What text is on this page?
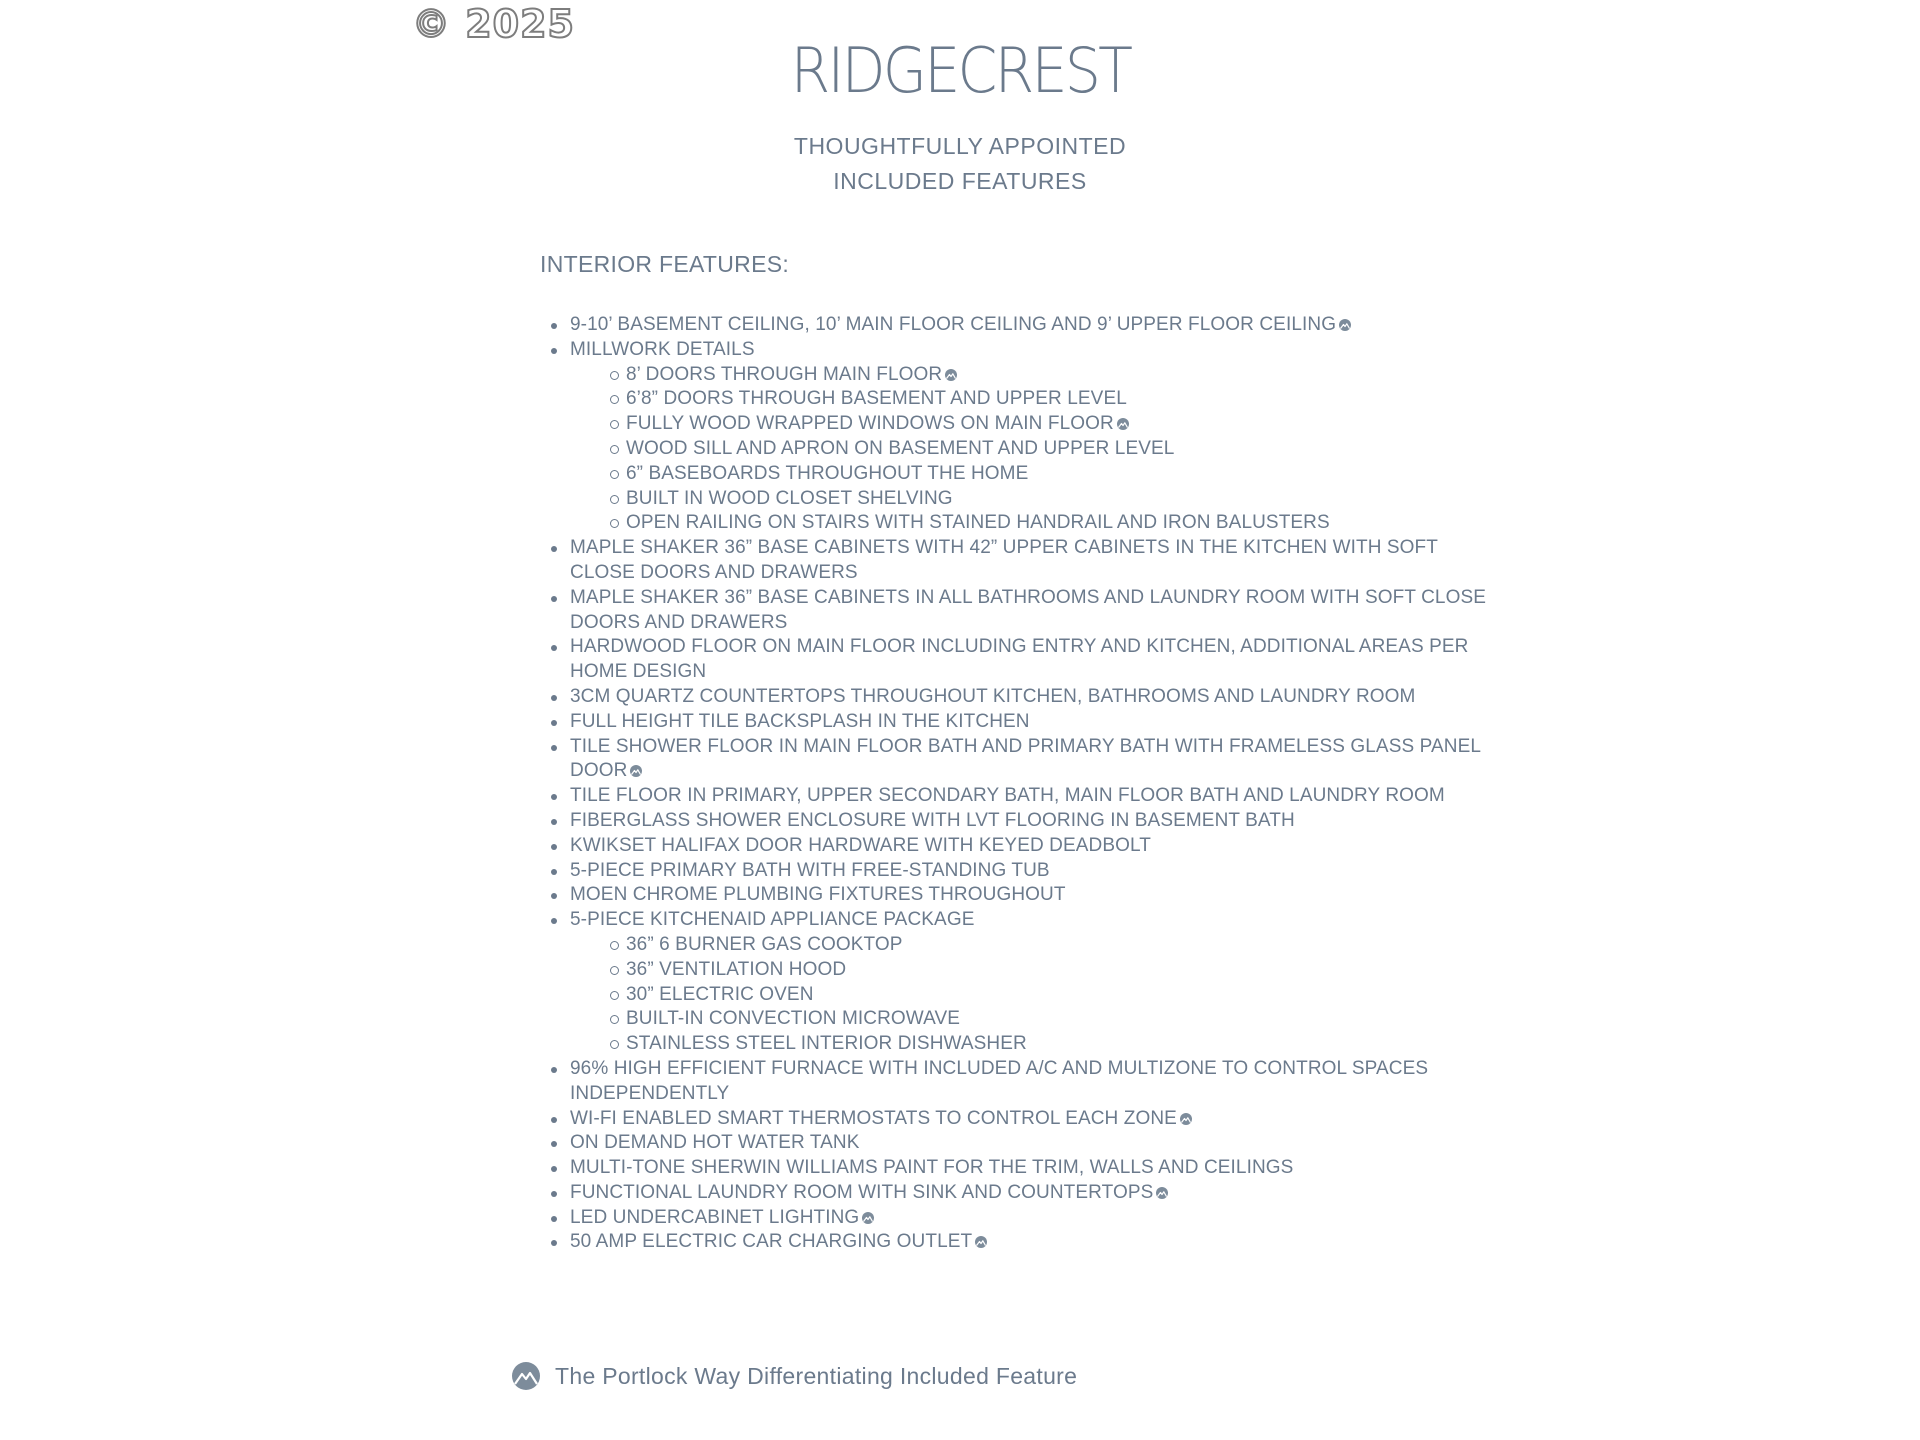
© 2025
RIDGECREST
THOUGHTFULLY APPOINTED
INCLUDED FEATURES
INTERIOR FEATURES:
9-10’ BASEMENT CEILING, 10’ MAIN FLOOR CEILING AND 9’ UPPER FLOOR CEILING
MILLWORK DETAILS
8’ DOORS THROUGH MAIN FLOOR
6’8” DOORS THROUGH BASEMENT AND UPPER LEVEL
FULLY WOOD WRAPPED WINDOWS ON MAIN FLOOR
WOOD SILL AND APRON ON BASEMENT AND UPPER LEVEL
6” BASEBOARDS THROUGHOUT THE HOME
BUILT IN WOOD CLOSET SHELVING
OPEN RAILING ON STAIRS WITH STAINED HANDRAIL AND IRON BALUSTERS
MAPLE SHAKER 36” BASE CABINETS WITH 42” UPPER CABINETS IN THE KITCHEN WITH SOFT CLOSE DOORS AND DRAWERS
MAPLE SHAKER 36” BASE CABINETS IN ALL BATHROOMS AND LAUNDRY ROOM WITH SOFT CLOSE DOORS AND DRAWERS
HARDWOOD FLOOR ON MAIN FLOOR INCLUDING ENTRY AND KITCHEN, ADDITIONAL AREAS PER HOME DESIGN
3CM QUARTZ COUNTERTOPS THROUGHOUT KITCHEN, BATHROOMS AND LAUNDRY ROOM
FULL HEIGHT TILE BACKSPLASH IN THE KITCHEN
TILE SHOWER FLOOR IN MAIN FLOOR BATH AND PRIMARY BATH WITH FRAMELESS GLASS PANEL DOOR
TILE FLOOR IN PRIMARY, UPPER SECONDARY BATH, MAIN FLOOR BATH AND LAUNDRY ROOM
FIBERGLASS SHOWER ENCLOSURE WITH LVT FLOORING IN BASEMENT BATH
KWIKSET HALIFAX DOOR HARDWARE WITH KEYED DEADBOLT
5-PIECE PRIMARY BATH WITH FREE-STANDING TUB
MOEN CHROME PLUMBING FIXTURES THROUGHOUT
5-PIECE KITCHENAID APPLIANCE PACKAGE
36” 6 BURNER GAS COOKTOP
36” VENTILATION HOOD
30” ELECTRIC OVEN
BUILT-IN CONVECTION MICROWAVE
STAINLESS STEEL INTERIOR DISHWASHER
96% HIGH EFFICIENT FURNACE WITH INCLUDED A/C AND MULTIZONE TO CONTROL SPACES INDEPENDENTLY
WI-FI ENABLED SMART THERMOSTATS TO CONTROL EACH ZONE
ON DEMAND HOT WATER TANK
MULTI-TONE SHERWIN WILLIAMS PAINT FOR THE TRIM, WALLS AND CEILINGS
FUNCTIONAL LAUNDRY ROOM WITH SINK AND COUNTERTOPS
LED UNDERCABINET LIGHTING
50 AMP ELECTRIC CAR CHARGING OUTLET
The Portlock Way Differentiating Included Feature
